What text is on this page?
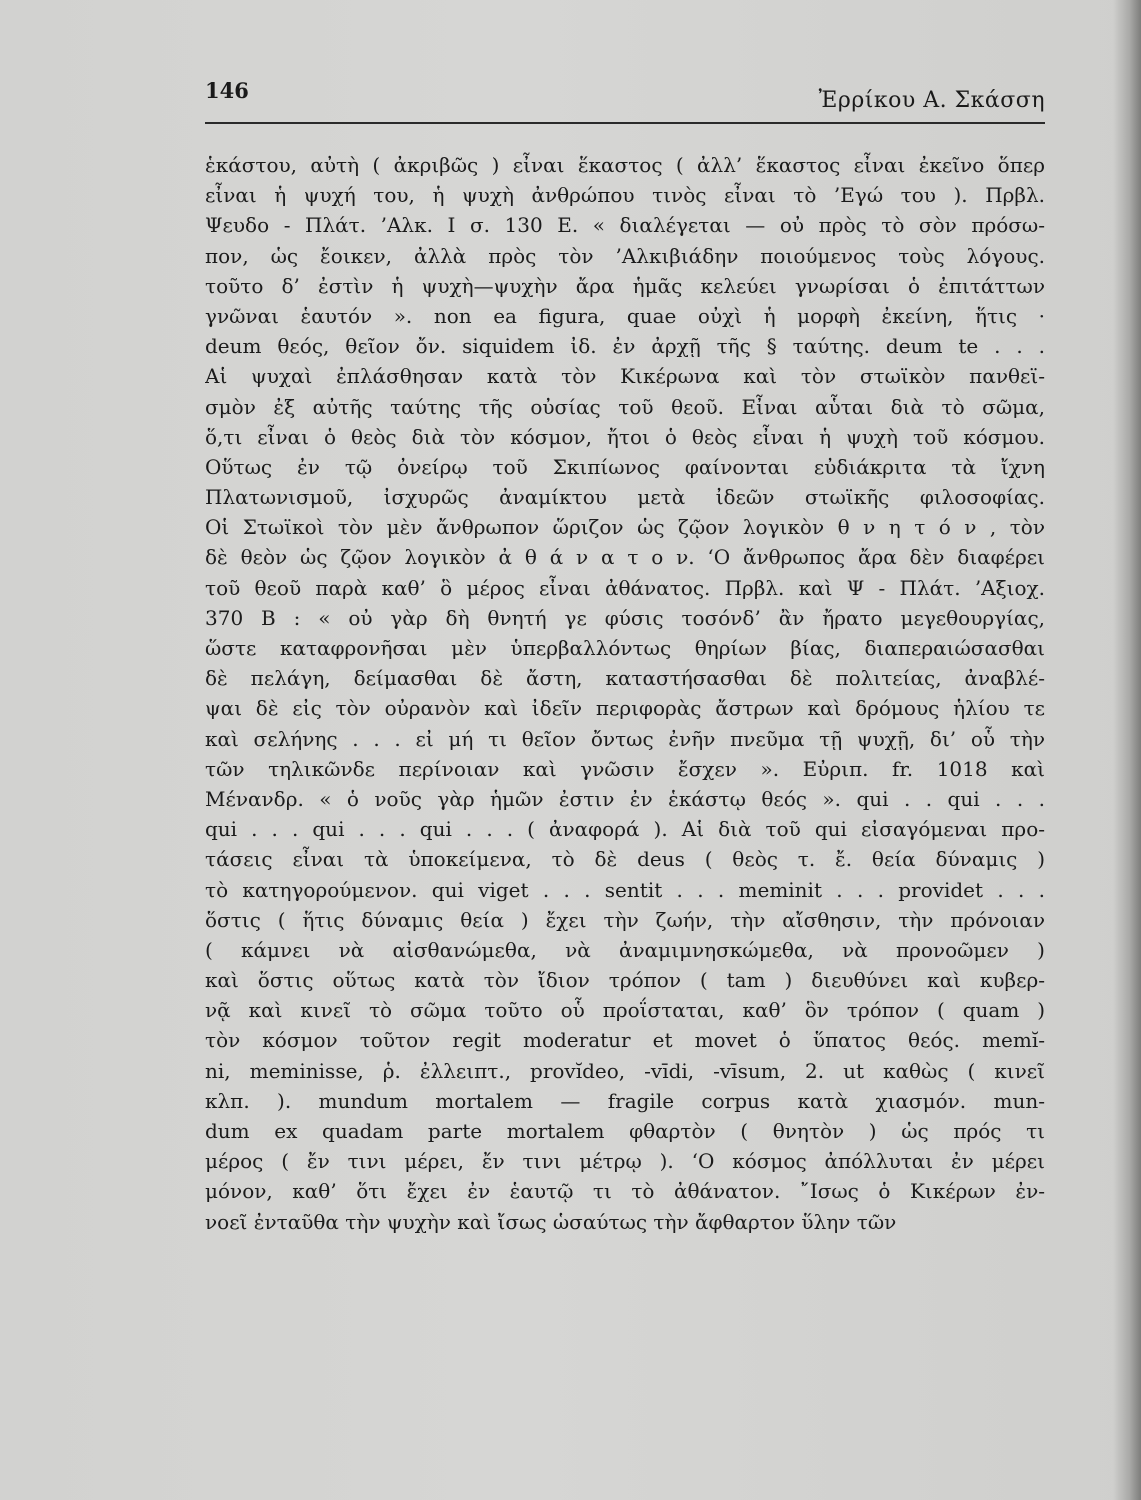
146	Ἐρρίκου Α. Σκάσση
ἑκάστου, αὐτὴ ( ἀκριβῶς ) εἶναι ἕκαστος ( ἀλλ’ ἕκαστος εἶναι ἐκεῖνο ὅπερ
εἶναι ἡ ψυχή του, ἡ ψυχὴ ἀνθρώπου τινὸς εἶναι τὸ ’Εγώ του ). Πρβλ.
Ψευδο - Πλάτ. ’Αλκ. I σ. 130 Ε. « διαλέγεται — οὐ πρὸς τὸ σὸν πρόσω-
πον, ὡς ἔοικεν, ἀλλὰ πρὸς τὸν ’Αλκιβιάδην ποιούμενος τοὺς λόγους.
τοῦτο δ’ ἐστὶν ἡ ψυχὴ—ψυχὴν ἄρα ἡμᾶς κελεύει γνωρίσαι ὁ ἐπιτάττων
γνῶναι ἑαυτόν ». non ea figura, quae οὐχὶ ἡ μορφὴ ἐκείνη, ἥτις ·
deum θεός, θεῖον ὄν. siquidem ἰδ. ἐν ἀρχῇ τῆς § ταύτης. deum te . . .
Αἱ ψυχαὶ ἐπλάσθησαν κατὰ τὸν Κικέρωνα καὶ τὸν στωϊκὸν πανθεϊ-
σμὸν ἐξ αὐτῆς ταύτης τῆς οὐσίας τοῦ θεοῦ. Εἶναι αὗται διὰ τὸ σῶμα,
ὅ,τι εἶναι ὁ θεὸς διὰ τὸν κόσμον, ἤτοι ὁ θεὸς εἶναι ἡ ψυχὴ τοῦ κόσμου.
Οὕτως ἐν τῷ ὀνείρῳ τοῦ Σκιπίωνος φαίνονται εὐδιάκριτα τὰ ἴχνη
Πλατωνισμοῦ, ἰσχυρῶς ἀναμίκτου μετὰ ἰδεῶν στωϊκῆς φιλοσοφίας.
Οἱ Στωϊκοὶ τὸν μὲν ἄνθρωπον ὥριζον ὡς ζῷον λογικὸν θ ν η τ ό ν , τὸν
δὲ θεὸν ὡς ζῷον λογικὸν ἀ θ ά ν α τ ο ν. ‘Ο ἄνθρωπος ἄρα δὲν διαφέρει
τοῦ θεοῦ παρὰ καθ’ ὃ μέρος εἶναι ἀθάνατος. Πρβλ. καὶ Ψ - Πλάτ. ’Αξιοχ.
370 B : « οὐ γὰρ δὴ θνητή γε φύσις τοσόνδ’ ἂν ἤρατο μεγεθουργίας,
ὥστε καταφρονῆσαι μὲν ὑπερβαλλόντως θηρίων βίας, διαπεραιώσασθαι
δὲ πελάγη, δείμασθαι δὲ ἄστη, καταστήσασθαι δὲ πολιτείας, ἀναβλέ-
ψαι δὲ εἰς τὸν οὐρανὸν καὶ ἰδεῖν περιφορὰς ἄστρων καὶ δρόμους ἡλίου τε
καὶ σελήνης . . . εἰ μή τι θεῖον ὄντως ἐνῆν πνεῦμα τῇ ψυχῇ, δι’ οὗ τὴν
τῶν τηλικῶνδε περίνοιαν καὶ γνῶσιν ἔσχεν ». Εὐριπ. fr. 1018 καὶ
Μένανδρ. « ὁ νοῦς γὰρ ἡμῶν ἐστιν ἐν ἑκάστῳ θεός ». qui . . qui . . .
qui . . . qui . . . qui . . . ( ἀναφορά ). Αἱ διὰ τοῦ qui εἰσαγόμεναι προ-
τάσεις εἶναι τὰ ὑποκείμενα, τὸ δὲ deus ( θεὸς τ. ἔ. θεία δύναμις )
τὸ κατηγορούμενον. qui viget . . . sentit . . . meminit . . . providet . . .
ὅστις ( ἥτις δύναμις θεία ) ἔχει τὴν ζωήν, τὴν αἴσθησιν, τὴν πρόνοιαν
( κάμνει νὰ αἰσθανώμεθα, νὰ ἀναμιμνησκώμεθα, νὰ προνοῶμεν )
καὶ ὅστις οὕτως κατὰ τὸν ἴδιον τρόπον ( tam ) διευθύνει καὶ κυβερ-
νᾷ καὶ κινεῖ τὸ σῶμα τοῦτο οὗ προΐσταται, καθ’ ὃν τρόπον ( quam )
τὸν κόσμον τοῦτον regit moderatur et movet ὁ ὕπατος θεός. memĭ-
ni, meminisse, ῥ. ἐλλειπτ., provĭdeo, -vīdi, -vīsum, 2. ut καθὼς ( κινεῖ
κλπ. ). mundum mortalem — fragile corpus κατὰ χιασμόν. mun-
dum ex quadam parte mortalem φθαρτὸν ( θνητὸν ) ὡς πρός τι
μέρος ( ἔν τινι μέρει, ἔν τινι μέτρῳ ). ‘Ο κόσμος ἀπόλλυται ἐν μέρει
μόνον, καθ’ ὅτι ἔχει ἐν ἑαυτῷ τι τὸ ἀθάνατον. ῎Ισως ὁ Κικέρων ἐν-
νοεῖ ἐνταῦθα τὴν ψυχὴν καὶ ἴσως ὡσαύτως τὴν ἄφθαρτον ὕλην τῶν
